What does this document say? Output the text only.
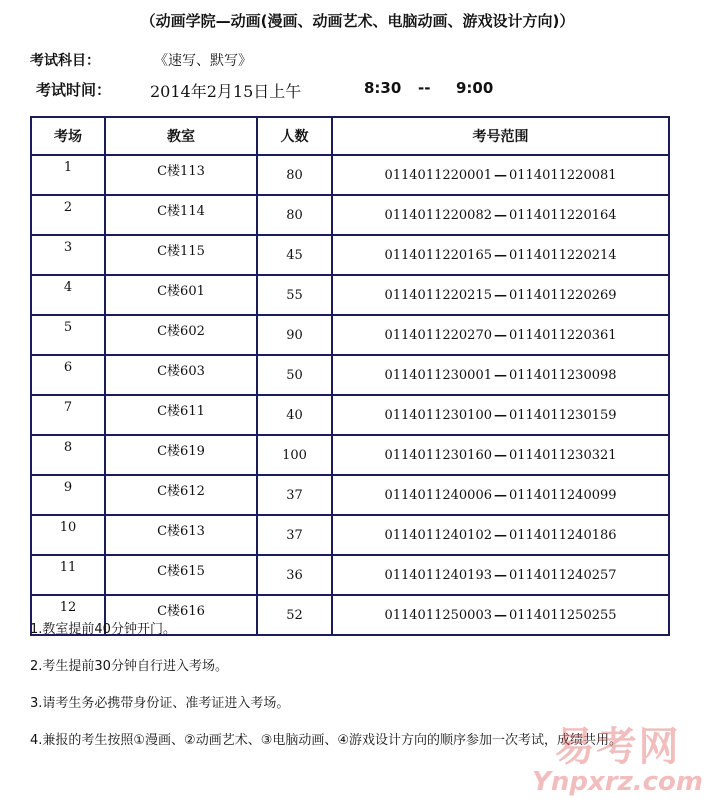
（动画学院—动画(漫画、动画艺术、电脑动画、游戏设计方向)）
考试科目：	《速写、默写》
考试时间： 2014年2月15日上午	8:30 -- 9:00
考场	教室	人数	考号范围
1	C楼113	80	0114011220001 — 0114011220081
2	C楼114	80	0114011220082 — 0114011220164
3	C楼115	45	0114011220165 — 0114011220214
4	C楼601	55	0114011220215 — 0114011220269
5	C楼602	90	0114011220270 — 0114011220361
6	C楼603	50	0114011230001 — 0114011230098
7	C楼611	40	0114011230100 — 0114011230159
8	C楼619	100	0114011230160 — 0114011230321
9	C楼612	37	0114011240006 — 0114011240099
10	C楼613	37	0114011240102 — 0114011240186
11	C楼615	36	0114011240193 — 0114011240257
12	C楼616	52	0114011250003 — 0114011250255

1.教室提前40分钟开门。

2.考生提前30分钟自行进入考场。

3.请考生务必携带身份证、准考证进入考场。

4.兼报的考生按照①漫画、②动画艺术、③电脑动画、④游戏设计方向的顺序参加一次考试，成绩共用。

易考网
Ynpxrz.com
